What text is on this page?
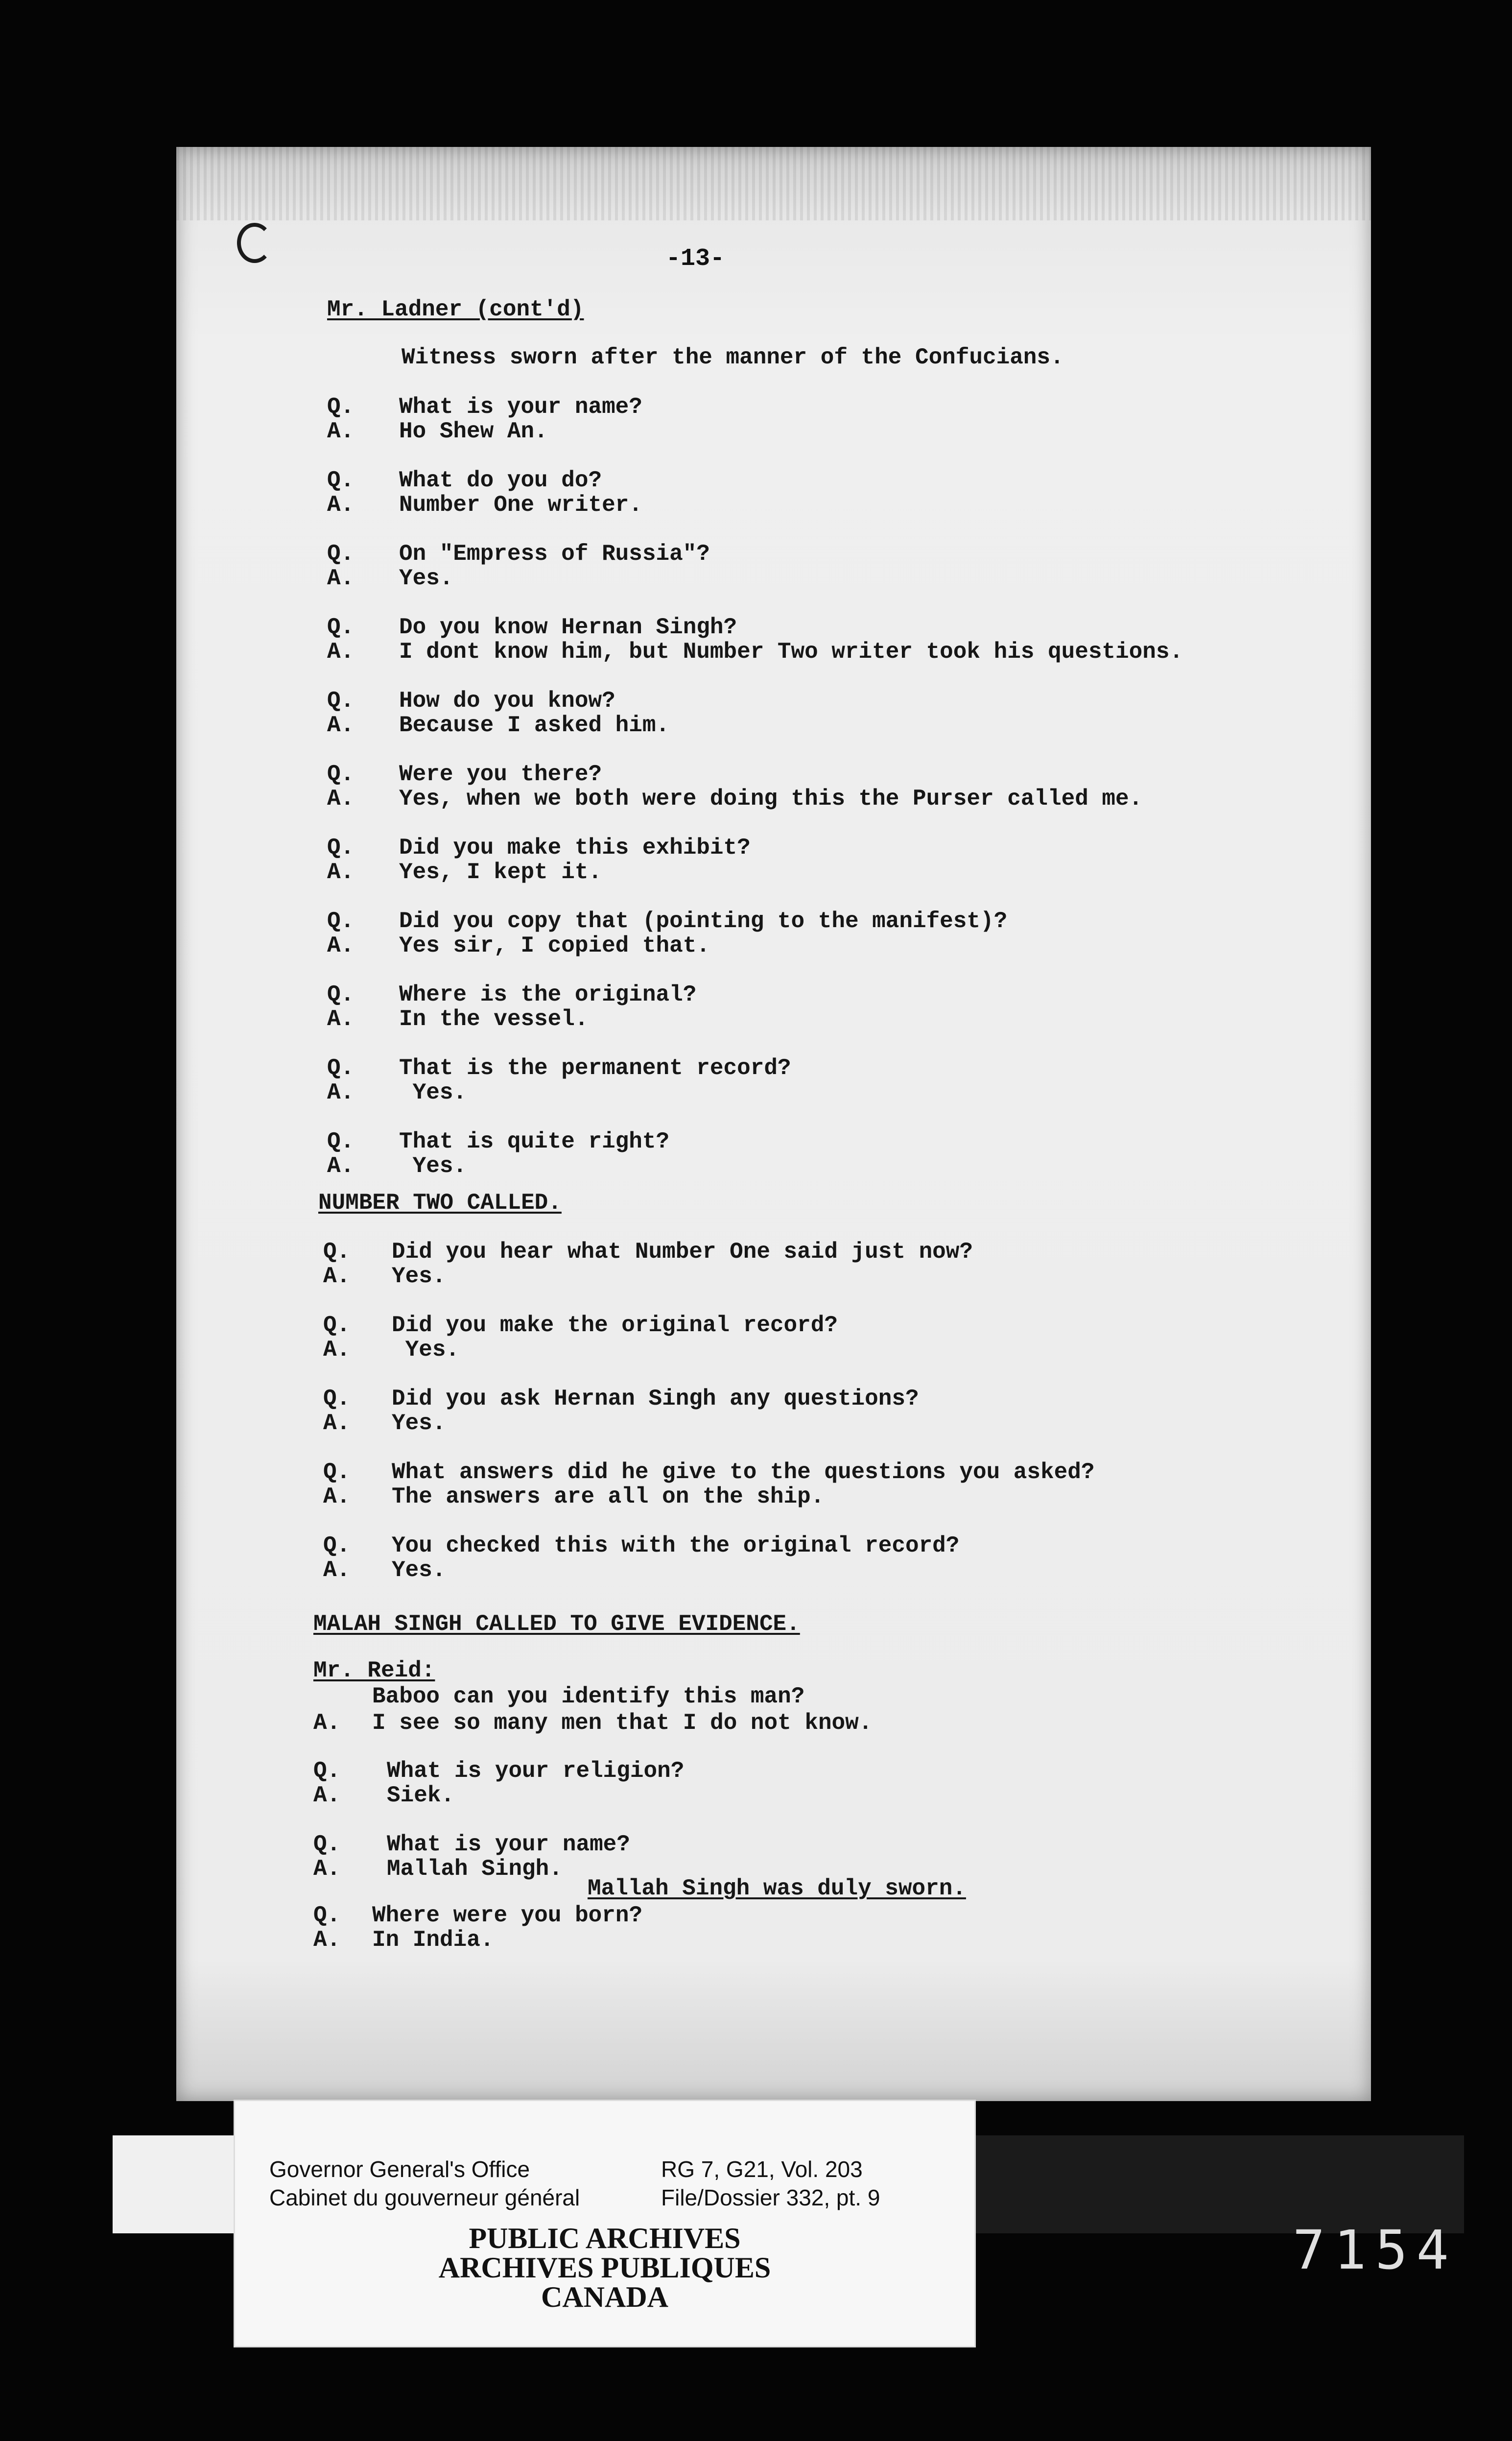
-13-
Mr. Ladner (cont'd)
Witness sworn after the manner of the Confucians.
Q. What is your name?
A. Ho Shew An.
Q. What do you do?
A. Number One writer.
Q. On "Empress of Russia"?
A. Yes.
Q. Do you know Hernan Singh?
A. I dont know him, but Number Two writer took his questions.
Q. How do you know?
A. Because I asked him.
Q. Were you there?
A. Yes, when we both were doing this the Purser called me.
Q. Did you make this exhibit?
A. Yes, I kept it.
Q. Did you copy that (pointing to the manifest)?
A. Yes sir, I copied that.
Q. Where is the original?
A. In the vessel.
Q. That is the permanent record?
A. Yes.
Q. That is quite right?
A. Yes.
NUMBER TWO CALLED.
Q. Did you hear what Number One said just now?
A. Yes.
Q. Did you make the original record?
A. Yes.
Q. Did you ask Hernan Singh any questions?
A. Yes.
Q. What answers did he give to the questions you asked?
A. The answers are all on the ship.
Q. You checked this with the original record?
A. Yes.
MALAH SINGH CALLED TO GIVE EVIDENCE.
Mr. Reid:
Baboo can you identify this man?
A. I see so many men that I do not know.
Q. What is your religion?
A. Siek.
Q. What is your name?
A. Mallah Singh.
Mallah Singh was duly sworn.
Q. Where were you born?
A. In India.
Governor General's Office
Cabinet du gouverneur général
RG 7, G21, Vol. 203
File/Dossier 332, pt. 9
PUBLIC ARCHIVES
ARCHIVES PUBLIQUES
CANADA
7154
